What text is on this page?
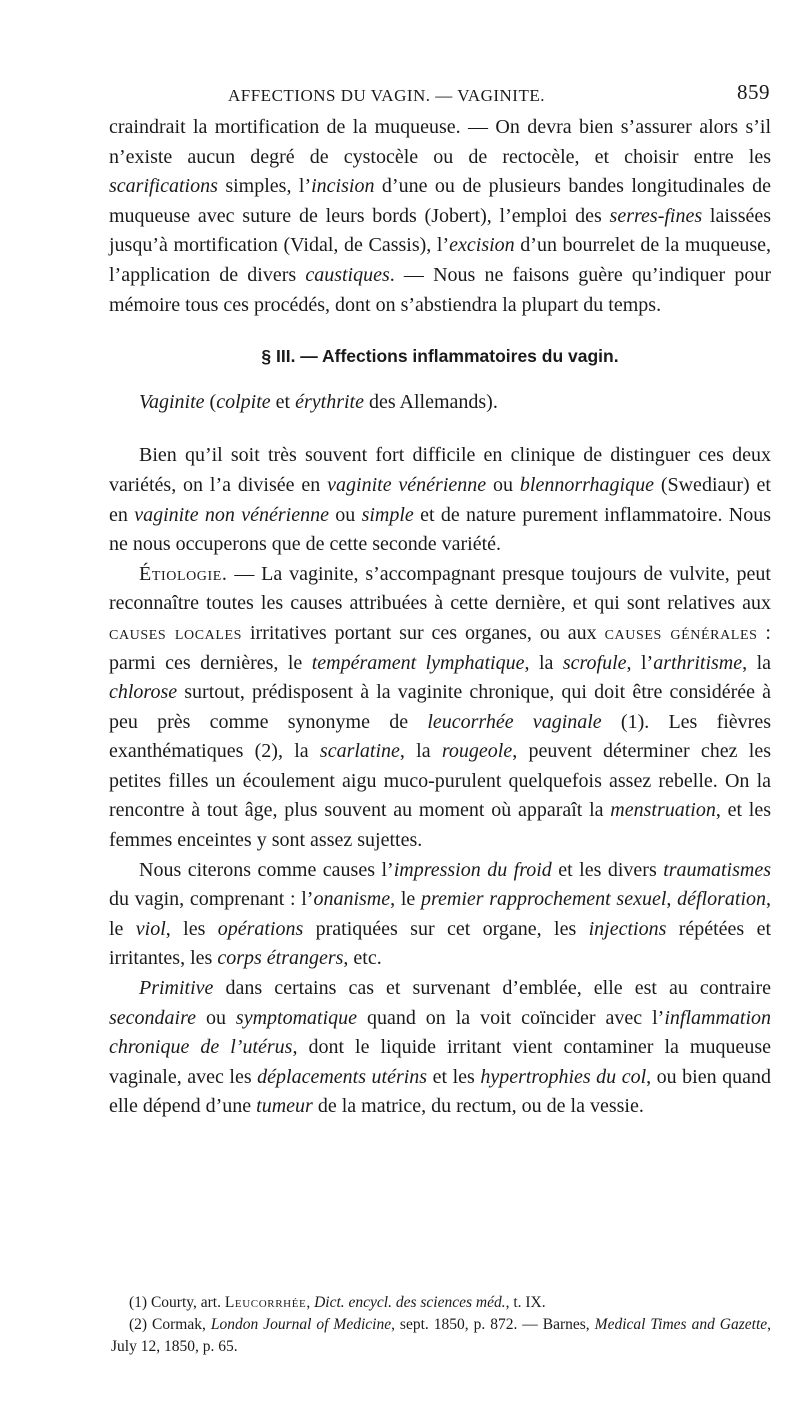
AFFECTIONS DU VAGIN. — VAGINITE.	859

craindrait la mortification de la muqueuse. — On devra bien s’assurer alors s’il n’existe aucun degré de cystocèle ou de rectocèle, et choisir entre les scarifications simples, l’incision d’une ou de plusieurs bandes longitudinales de muqueuse avec suture de leurs bords (Jobert), l’emploi des serres-fines laissées jusqu’à mortification (Vidal, de Cassis), l’excision d’un bourrelet de la muqueuse, l’application de divers caustiques. — Nous ne faisons guère qu’indiquer pour mémoire tous ces procédés, dont on s’abstiendra la plupart du temps.

§ III. — Affections inflammatoires du vagin.

Vaginite (colpite et érythrite des Allemands).

Bien qu’il soit très souvent fort difficile en clinique de distinguer ces deux variétés, on l’a divisée en vaginite vénérienne ou blennorrhagique (Swediaur) et en vaginite non vénérienne ou simple et de nature purement inflammatoire. Nous ne nous occuperons que de cette seconde variété.

Étiologie. — La vaginite, s’accompagnant presque toujours de vulvite, peut reconnaître toutes les causes attribuées à cette dernière, et qui sont relatives aux causes locales irritatives portant sur ces organes, ou aux causes générales : parmi ces dernières, le tempérament lymphatique, la scrofule, l’arthritisme, la chlorose surtout, prédisposent à la vaginite chronique, qui doit être considérée à peu près comme synonyme de leucorrhée vaginale (1). Les fièvres exanthématiques (2), la scarlatine, la rougeole, peuvent déterminer chez les petites filles un écoulement aigu muco-purulent quelquefois assez rebelle. On la rencontre à tout âge, plus souvent au moment où apparaît la menstruation, et les femmes enceintes y sont assez sujettes.

Nous citerons comme causes l’impression du froid et les divers traumatismes du vagin, comprenant : l’onanisme, le premier rapprochement sexuel, défloration, le viol, les opérations pratiquées sur cet organe, les injections répétées et irritantes, les corps étrangers, etc.

Primitive dans certains cas et survenant d’emblée, elle est au contraire secondaire ou symptomatique quand on la voit coïncider avec l’inflammation chronique de l’utérus, dont le liquide irritant vient contaminer la muqueuse vaginale, avec les déplacements utérins et les hypertrophies du col, ou bien quand elle dépend d’une tumeur de la matrice, du rectum, ou de la vessie.

(1) Courty, art. Leucorrhée, Dict. encycl. des sciences méd., t. IX.

(2) Cormak, London Journal of Medicine, sept. 1850, p. 872. — Barnes, Medical Times and Gazette, July 12, 1850, p. 65.
